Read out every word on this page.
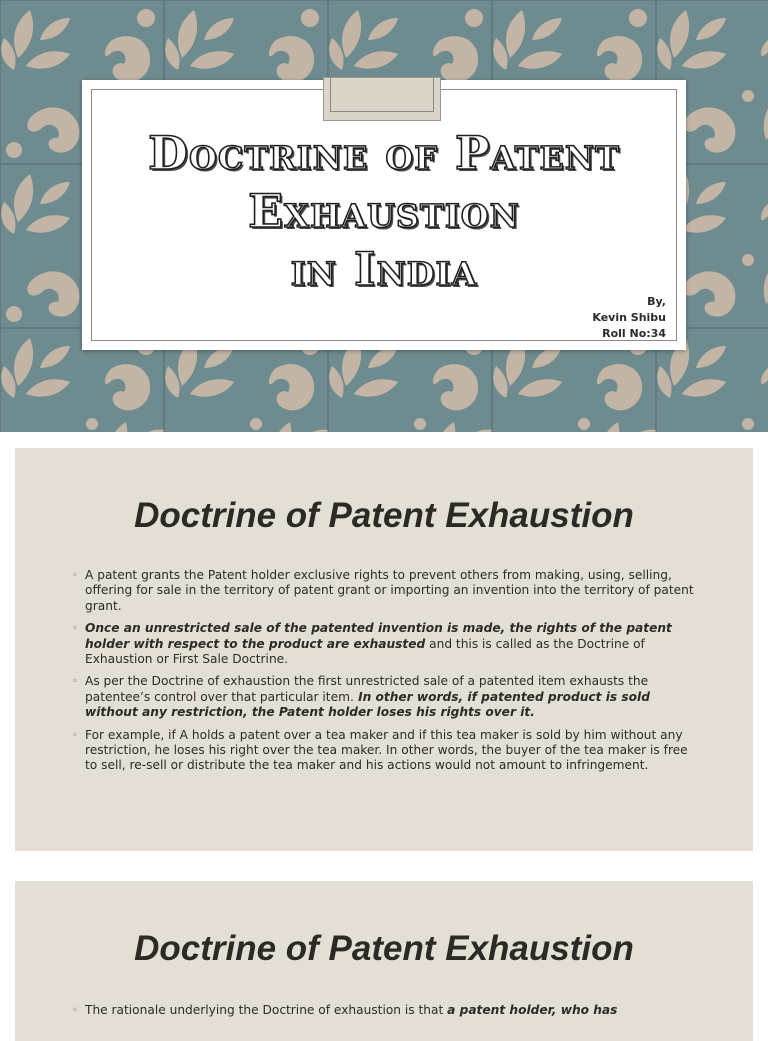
Doctrine of Patent
Exhaustion
in India
By,
Kevin Shibu
Roll No:34
Doctrine of Patent Exhaustion
◦ A patent grants the Patent holder exclusive rights to prevent others from making, using, selling, offering for sale in the territory of patent grant or importing an invention into the territory of patent grant.
◦ Once an unrestricted sale of the patented invention is made, the rights of the patent holder with respect to the product are exhausted and this is called as the Doctrine of Exhaustion or First Sale Doctrine.
◦ As per the Doctrine of exhaustion the first unrestricted sale of a patented item exhausts the patentee’s control over that particular item. In other words, if patented product is sold without any restriction, the Patent holder loses his rights over it.
◦ For example, if A holds a patent over a tea maker and if this tea maker is sold by him without any restriction, he loses his right over the tea maker. In other words, the buyer of the tea maker is free to sell, re-sell or distribute the tea maker and his actions would not amount to infringement.
Doctrine of Patent Exhaustion
◦ The rationale underlying the Doctrine of exhaustion is that a patent holder, who has
